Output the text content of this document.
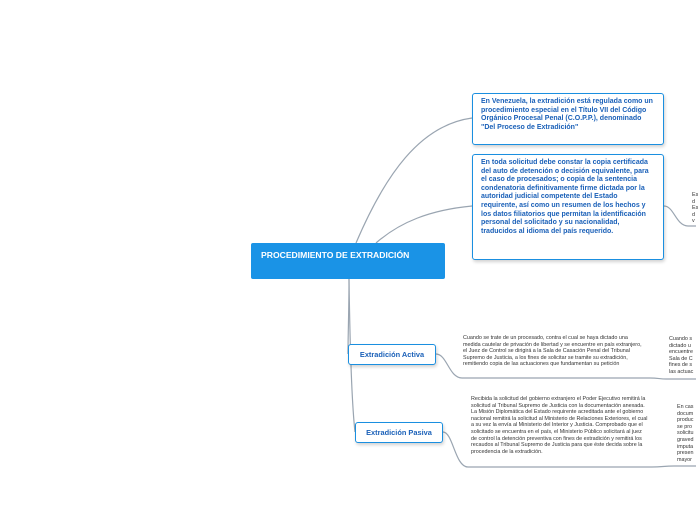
PROCEDIMIENTO DE EXTRADICIÓN
En Venezuela, la extradición está regulada como un procedimiento especial en el Título VII del Código Orgánico Procesal Penal (C.O.P.P.), denominado "Del Proceso de Extradición"
En toda solicitud debe constar la copia certificada del auto de detención o decisión equivalente, para el caso de procesados; o copia de la sentencia condenatoria definitivamente firme dictada por la autoridad judicial competente del Estado requirente, así como un resumen de los hechos y los datos filiatorios que permitan la identificación personal del solicitado y su nacionalidad, traducidos al idioma del país requerido.
Extradición Activa
Extradición Pasiva
Cuando se trate de un procesado, contra el cual se haya dictado una medida cautelar de privación de libertad y se encuentre en país extranjero, el Juez de Control se dirigirá a la Sala de Casación Penal del Tribunal Supremo de Justicia, a los fines de solicitar se tramite su extradición, remitiendo copia de las actuaciones que fundamentan su petición
Recibida la solicitud del gobierno extranjero el Poder Ejecutivo remitirá la solicitud al Tribunal Supremo de Justicia con la documentación anexada. La Misión Diplomática del Estado requirente acreditada ante el gobierno nacional remitirá la solicitud al Ministerio de Relaciones Exteriores, el cual a su vez la envía al Ministerio del Interior y Justicia. Comprobado que el solicitado se encuentra en el país, el Ministerio Público solicitará al juez de control la detención preventiva con fines de extradición y remitirá los recaudos al Tribunal Supremo de Justicia para que éste decida sobre la procedencia de la extradición.
Es
d
Es
d
v
Cuando s
dictado u
encuentre
Sala de C
fines de s
las actuac
En cas
docum
produc
se pro
solicitu
graved
imputa
presen
mayor
